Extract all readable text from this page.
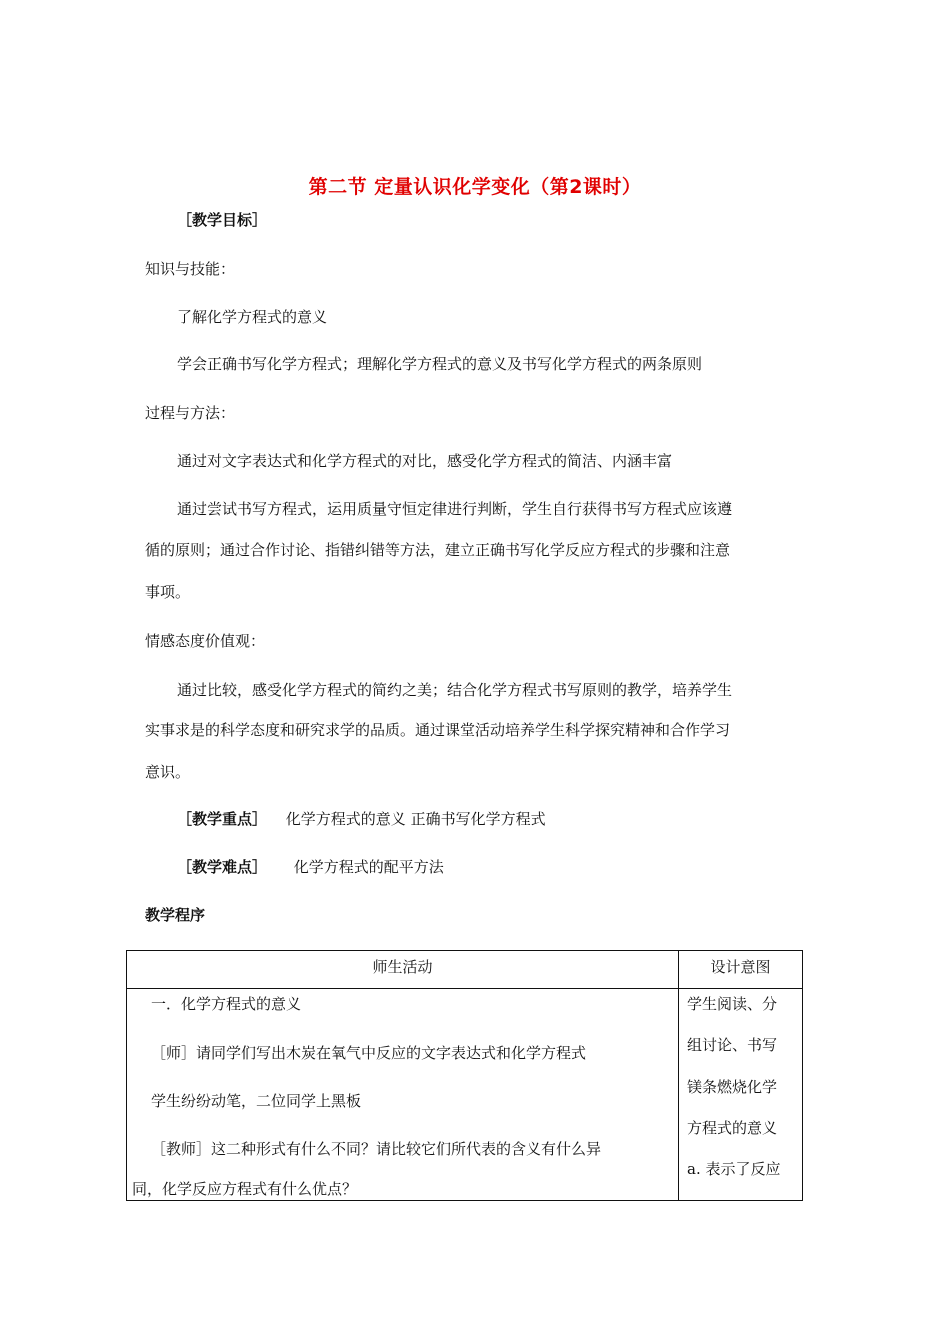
第二节 定量认识化学变化（第2课时）
［教学目标］
知识与技能：
了解化学方程式的意义
学会正确书写化学方程式；理解化学方程式的意义及书写化学方程式的两条原则
过程与方法：
通过对文字表达式和化学方程式的对比，感受化学方程式的简洁、内涵丰富
通过尝试书写方程式，运用质量守恒定律进行判断，学生自行获得书写方程式应该遵
循的原则；通过合作讨论、指错纠错等方法，建立正确书写化学反应方程式的步骤和注意
事项。
情感态度价值观：
通过比较，感受化学方程式的简约之美；结合化学方程式书写原则的教学，培养学生
实事求是的科学态度和研究求学的品质。通过课堂活动培养学生科学探究精神和合作学习
意识。
［教学重点］ 化学方程式的意义 正确书写化学方程式
［教学难点］ 化学方程式的配平方法
教学程序
师生活动	设计意图
一．化学方程式的意义
［师］请同学们写出木炭在氧气中反应的文字表达式和化学方程式
学生纷纷动笔，二位同学上黑板
［教师］这二种形式有什么不同？请比较它们所代表的含义有什么异
同，化学反应方程式有什么优点？
学生阅读、分
组讨论、书写
镁条燃烧化学
方程式的意义
a. 表示了反应
